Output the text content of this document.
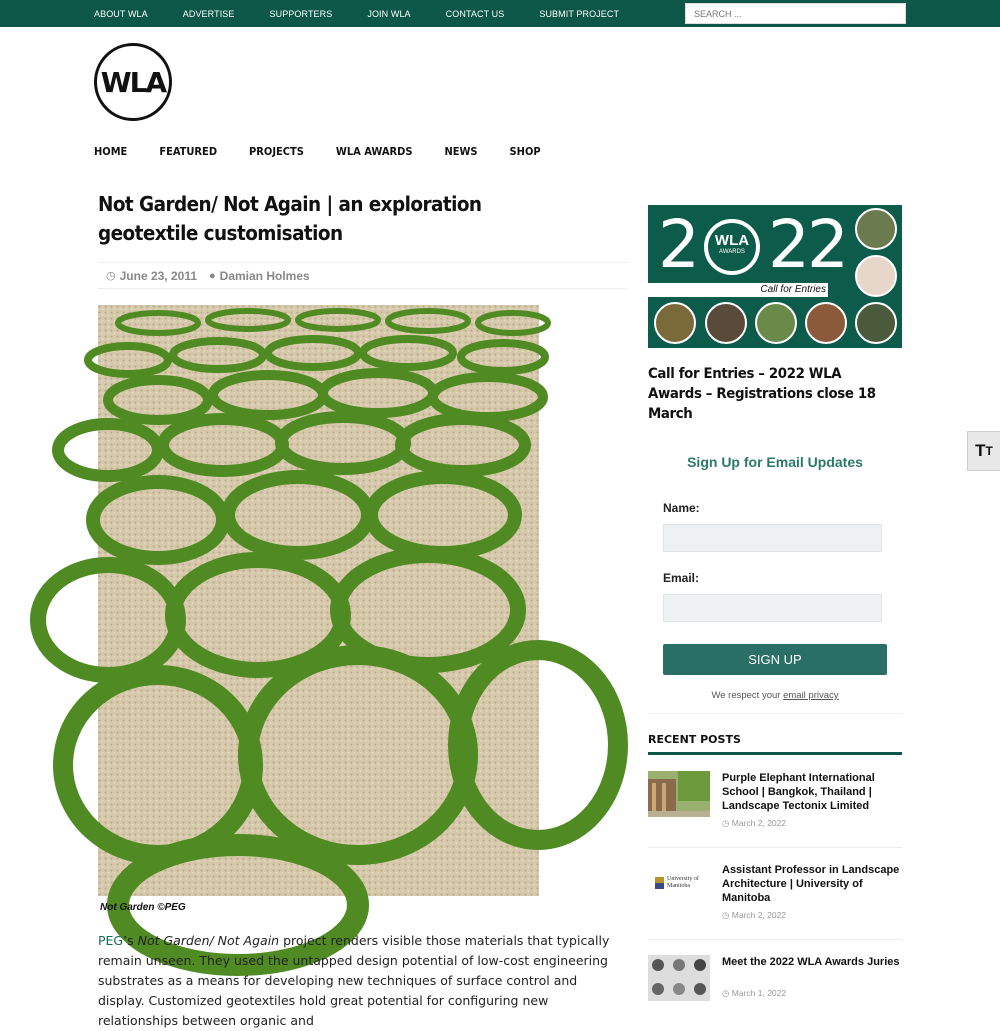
ABOUT WLA	ADVERTISE	SUPPORTERS	JOIN WLA	CONTACT US	SUBMIT PROJECT
SEARCH ...
WLA
HOME	FEATURED	PROJECTS	WLA AWARDS	NEWS	SHOP
Not Garden/ Not Again | an exploration geotextile customisation
◷ June 23, 2011 ● Damian Holmes
Not Garden ©PEG

PEG’s Not Garden/ Not Again project renders visible those materials that typically remain unseen. They used the untapped design potential of low-cost engineering substrates as a means for developing new techniques of surface control and display. Customized geotextiles hold great potential for configuring new relationships between organic and

2 22
WLA
AWARDS
Call for Entries
Call for Entries – 2022 WLA Awards – Registrations close 18 March
Sign Up for Email Updates
Name:
Email:
SIGN UP
We respect your email privacy
RECENT POSTS
Purple Elephant International School | Bangkok, Thailand | Landscape Tectonix Limited
◷ March 2, 2022
University of Manitoba
Assistant Professor in Landscape Architecture | University of Manitoba
◷ March 2, 2022
Meet the 2022 WLA Awards Juries
◷ March 1, 2022
T T
